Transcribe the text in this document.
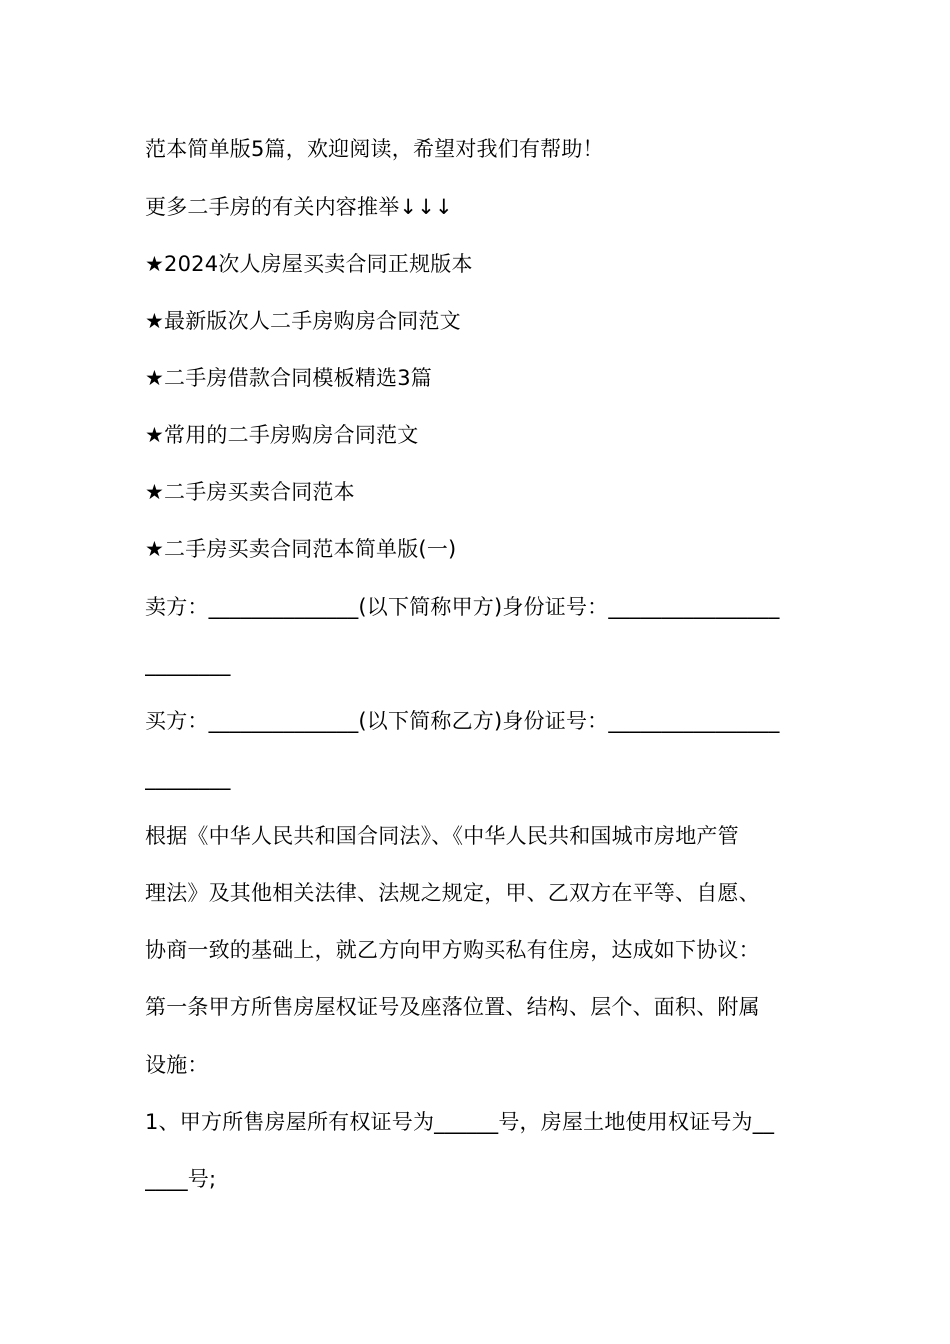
范本简单版5篇，欢迎阅读，希望对我们有帮助！
更多二手房的有关内容推举↓↓↓
★2024次人房屋买卖合同正规版本
★最新版次人二手房购房合同范文
★二手房借款合同模板精选3篇
★常用的二手房购房合同范文
★二手房买卖合同范本
★二手房买卖合同范本简单版(一)
卖方：______________(以下简称甲方)身份证号：________________
________
买方：______________(以下简称乙方)身份证号：________________
________
根据《中华人民共和国合同法》、《中华人民共和国城市房地产管
理法》及其他相关法律、法规之规定，甲、乙双方在平等、自愿、
协商一致的基础上，就乙方向甲方购买私有住房，达成如下协议：
第一条甲方所售房屋权证号及座落位置、结构、层个、面积、附属
设施：
1、甲方所售房屋所有权证号为______号，房屋土地使用权证号为__
____号;
